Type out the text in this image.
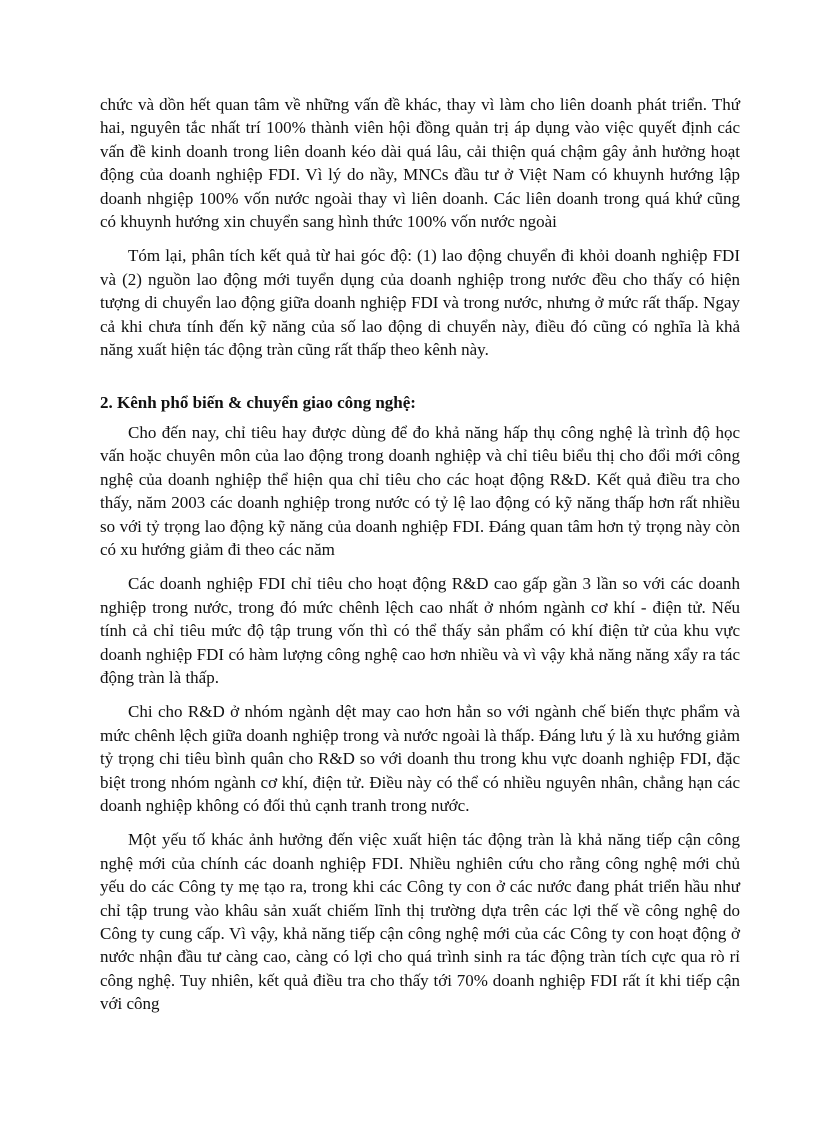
chức và dồn hết quan tâm về những vấn đề khác, thay vì làm cho liên doanh phát triển. Thứ hai, nguyên tắc nhất trí 100% thành viên hội đồng quản trị áp dụng vào việc quyết định các vấn đề kinh doanh trong liên doanh kéo dài quá lâu, cải thiện quá chậm gây ảnh hưởng hoạt động của doanh nghiệp FDI. Vì lý do nầy, MNCs đầu tư ở Việt Nam có khuynh hướng lập doanh nhgiệp 100% vốn nước ngoài thay vì liên doanh. Các liên doanh trong quá khứ cũng có khuynh hướng xin chuyển sang hình thức 100% vốn nước ngoài

Tóm lại, phân tích kết quả từ hai góc độ: (1) lao động chuyển đi khỏi doanh nghiệp FDI và (2) nguồn lao động mới tuyển dụng của doanh nghiệp trong nước đều cho thấy có hiện tượng di chuyển lao động giữa doanh nghiệp FDI và trong nước, nhưng ở mức rất thấp. Ngay cả khi chưa tính đến kỹ năng của số lao động di chuyển này, điều đó cũng có nghĩa là khả năng xuất hiện tác động tràn cũng rất thấp theo kênh này.

2. Kênh phổ biến & chuyển giao công nghệ:

Cho đến nay, chỉ tiêu hay được dùng để đo khả năng hấp thụ công nghệ là trình độ học vấn hoặc chuyên môn của lao động trong doanh nghiệp và chỉ tiêu biểu thị cho đổi mới công nghệ của doanh nghiệp thể hiện qua chỉ tiêu cho các hoạt động R&D. Kết quả điều tra cho thấy, năm 2003 các doanh nghiệp trong nước có tỷ lệ lao động có kỹ năng thấp hơn rất nhiều so với tỷ trọng lao động kỹ năng của doanh nghiệp FDI. Đáng quan tâm hơn tỷ trọng này còn có xu hướng giảm đi theo các năm

Các doanh nghiệp FDI chỉ tiêu cho hoạt động R&D cao gấp gần 3 lần so với các doanh nghiệp trong nước, trong đó mức chênh lệch cao nhất ở nhóm ngành cơ khí - điện tử. Nếu tính cả chỉ tiêu mức độ tập trung vốn thì có thể thấy sản phẩm có khí điện tử của khu vực doanh nghiệp FDI có hàm lượng công nghệ cao hơn nhiều và vì vậy khả năng năng xẩy ra tác động tràn là thấp.

Chi cho R&D ở nhóm ngành dệt may cao hơn hẳn so với ngành chế biến thực phẩm và mức chênh lệch giữa doanh nghiệp trong và nước ngoài là thấp. Đáng lưu ý là xu hướng giảm tỷ trọng chi tiêu bình quân cho R&D so với doanh thu trong khu vực doanh nghiệp FDI, đặc biệt trong nhóm ngành cơ khí, điện tử. Điều này có thể có nhiều nguyên nhân, chẳng hạn các doanh nghiệp không có đối thủ cạnh tranh trong nước.

Một yếu tố khác ảnh hưởng đến việc xuất hiện tác động tràn là khả năng tiếp cận công nghệ mới của chính các doanh nghiệp FDI. Nhiều nghiên cứu cho rằng công nghệ mới chủ yếu do các Công ty mẹ tạo ra, trong khi các Công ty con ở các nước đang phát triển hầu như chỉ tập trung vào khâu sản xuất chiếm lĩnh thị trường dựa trên các lợi thế về công nghệ do Công ty cung cấp. Vì vậy, khả năng tiếp cận công nghệ mới của các Công ty con hoạt động ở nước nhận đầu tư càng cao, càng có lợi cho quá trình sinh ra tác động tràn tích cực qua rò rỉ công nghệ. Tuy nhiên, kết quả điều tra cho thấy tới 70% doanh nghiệp FDI rất ít khi tiếp cận với công
